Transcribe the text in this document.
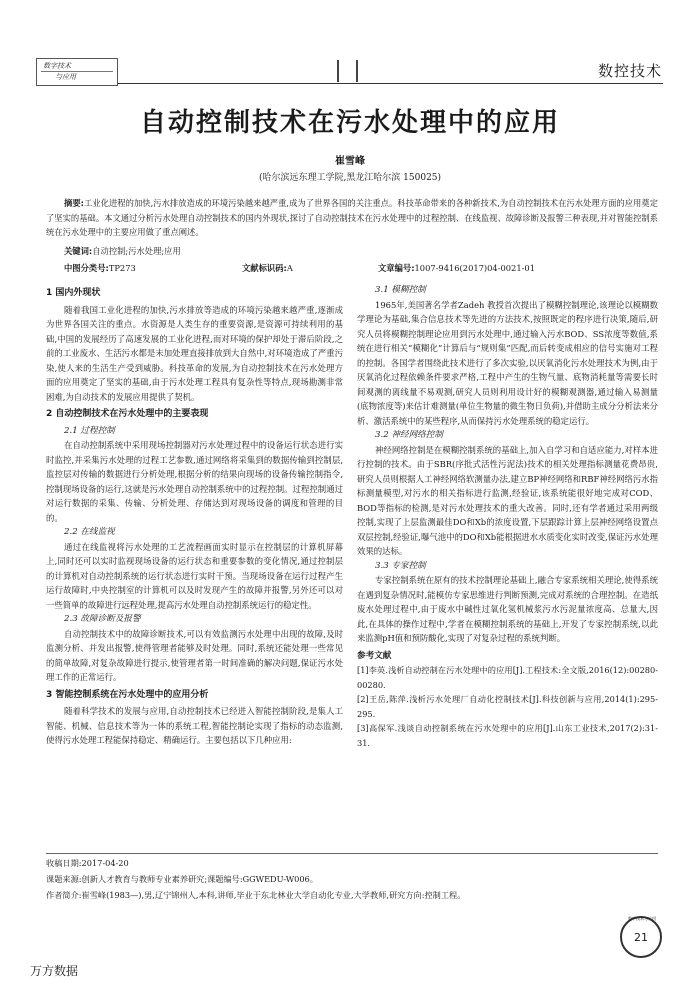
数字技术
与应用	数控技术
自动控制技术在污水处理中的应用
崔雪峰
(哈尔滨远东理工学院,黑龙江哈尔滨 150025)
摘要:工业化进程的加快,污水排放造成的环境污染越来越严重,成为了世界各国的关注重点。科技革命带来的各种新技术,为自动控制技术在污水处理方面的应用奠定了坚实的基础。本文通过分析污水处理自动控制技术的国内外现状,探讨了自动控制技术在污水处理中的过程控制、在线监视、故障诊断及报警三种表现,并对智能控制系统在污水处理中的主要应用做了重点阐述。
关键词:自动控制;污水处理;应用
中图分类号:TP273	文献标识码:A	文章编号:1007-9416(2017)04-0021-01

1 国内外现状

随着我国工业化进程的加快,污水排放等造成的环境污染越来越严重,逐渐成为世界各国关注的重点。水资源是人类生存的重要资源,是资源可持续利用的基础,中国的发展经历了高速发展的工业化进程,而对环境的保护却处于滞后阶段,之前的工业废水、生活污水都是未加处理直接排放到大自然中,对环境造成了严重污染,使人来的生活生产受到威胁。科技革命的发展,为自动控制技术在污水处理方面的应用奠定了坚实的基础,由于污水处理工程具有复杂性等特点,现场勘测非常困难,为自动技术的发展应用提供了契机。

2 自动控制技术在污水处理中的主要表现

2.1 过程控制

在自动控制系统中采用现场控制器对污水处理过程中的设备运行状态进行实时监控,并采集污水处理的过程工艺参数,通过网络将采集到的数据传输到控制层,监控层对传输的数据进行分析处理,根据分析的结果向现场的设备传输控制指令,控制现场设备的运行,这就是污水处理自动控制系统中的过程控制。过程控制通过对运行数据的采集、传输、分析处理、存储达到对现场设备的调度和管理的目的。

2.2 在线监视

通过在线监视将污水处理的工艺流程画面实时显示在控制层的计算机屏幕上,同时还可以实时监视现场设备的运行状态和重要参数的变化情况,通过控制层的计算机对自动控制系统的运行状态进行实时干预。当现场设备在运行过程产生运行故障时,中央控制室的计算机可以及时发现产生的故障并报警,另外还可以对一些简单的故障进行远程处理,提高污水处理自动控制系统运行的稳定性。

2.3 故障诊断及报警

自动控制技术中的故障诊断技术,可以有效监测污水处理中出现的故障,及时监测分析、并发出报警,使得管理者能够及时处理。同时,系统还能处理一些常见的简单故障,对复杂故障进行提示,使管理者第一时间准确的解决问题,保证污水处理工作的正常运行。

3 智能控制系统在污水处理中的应用分析

随着科学技术的发展与应用,自动控制技术已经进入智能控制阶段,是集人工智能、机械、信息技术等为一体的系统工程,智能控制论实现了指标的动态监测,使得污水处理工程能保持稳定、精确运行。主要包括以下几种应用:

3.1 模糊控制

1965年,美国著名学者Zadeh 教授首次提出了模糊控制理论,该理论以模糊数学理论为基础,集合信息技术等先进的方法技术,按照既定的程序进行决策,随后,研究人员将模糊控制理论应用到污水处理中,通过输入污水BOD、SS浓度等数值,系统在进行相关“模糊化”计算后与“规则集”匹配,而后转变成相应的信号实施对工程的控制。各国学者围绕此技术进行了多次实验,以厌氧消化污水处理技术为例,由于厌氧消化过程依赖条件要求严格,工程中产生的生物气量、底物消耗量等需要长时间观测的离线量不易观测,研究人员则利用设计好的模糊观测器,通过输入易测量(底物浓度等)来估计难测量(单位生物量的微生物日负荷),并借助主成分分析法来分析、激活系统中的某些程序,从而保持污水处理系统的稳定运行。

3.2 神经网络控制

神经网络控制是在模糊控制系统的基础上,加入自学习和自适应能力,对样本进行控制的技术。由于SBR(序批式活性污泥法)技术的相关处理指标测量花费昂贵,研究人员则根据人工神经网络软测量办法,建立BP神经网络和RBF神经网络污水指标测量模型,对污水的相关指标进行监测,经验证,该系统能很好地完成对COD、BOD等指标的检测,是对污水处理技术的重大改善。同时,还有学者通过采用两级控制,实现了上层监测最佳DO和Xb的浓度设置,下层跟踪计算上层神经网络设置点双层控制,经验证,曝气池中的DO和Xb能根据进水水质变化实时改变,保证污水处理效果的达标。

3.3 专家控制

专家控制系统在原有的技术控制理论基础上,融合专家系统相关理论,使得系统在遇到复杂情况时,能模仿专家思维进行判断预测,完成对系统的合理控制。在造纸废水处理过程中,由于废水中碱性过氧化氢机械浆污水污泥量浓度高、总量大,因此,在具体的操作过程中,学者在模糊控制系统的基础上,开发了专家控制系统,以此来监测pH值和预防酸化,实现了对复杂过程的系统判断。

参考文献

[1]李英.浅析自动控制在污水处理中的应用[J].工程技术:全文版,2016(12):00280-00280.

[2]王岳,陈萍.浅析污水处理厂自动化控制技术[J].科技创新与应用,2014(1):295-295.

[3]高保军.浅谈自动控制系统在污水处理中的应用[J].山东工业技术,2017(2):31-31.

收稿日期:2017-04-20
课题来源:创新人才教育与教师专业素养研究;课题编号:GGWEDU-W006。
作者简介:崔雪峰(1983—),男,辽宁锦州人,本科,讲师,毕业于东北林业大学自动化专业,大学教师,研究方向:控制工程。
数字技术与应用
21
万方数据
